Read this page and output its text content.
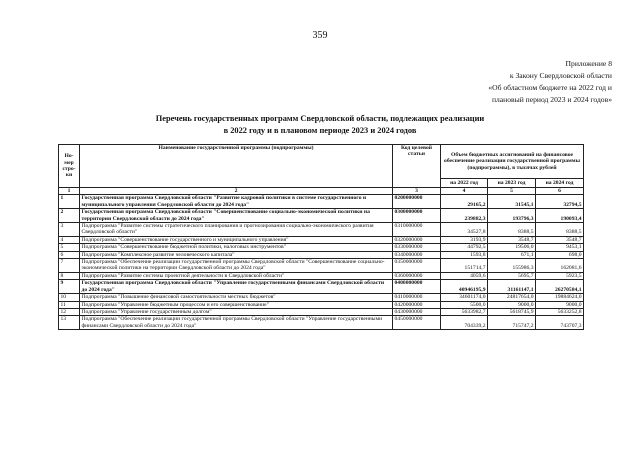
359
Приложение 8
к Закону Свердловской области
«Об областном бюджете на 2022 год и
плановый период 2023 и 2024 годов»
Перечень государственных программ Свердловской области, подлежащих реализации
в 2022 году и в плановом периоде 2023 и 2024 годов
Но-мер стро-ки	Наименование государственной программы (подпрограммы)	Код целевой статьи	Объем бюджетных ассигнований на финансовое обеспечение реализации государственной программы (подпрограммы), в тысячах рублей		
			на 2022 год	на 2023 год	на 2024 год
1	2	3	4	5	6
1	Государственная программа Свердловской области "Развитие кадровой политики в системе государственного и муниципального управления Свердловской области до 2024 года"	0200000000	29165,2	31545,1	32794,5
2	Государственная программа Свердловской области "Совершенствование социально-экономической политики на территории Свердловской области до 2024 года"	0300000000	239882,3	193796,3	190093,4
3	Подпрограмма "Развитие системы стратегического планирования и прогнозирования социально-экономического развития Свердловской области"	0310000000	34527,8	8388,5	8388,5
4	Подпрограмма "Совершенствование государственного и муниципального управления"	0320000000	3193,9	3548,7	3548,7
5	Подпрограмма "Совершенствование бюджетной политики, налоговых инструментов"	0330000000	44792,5	19506,0	9453,1
6	Подпрограмма "Комплексное развитие человеческого капитала"	0340000000	1593,8	671,1	698,0
7	Подпрограмма "Обеспечение реализации государственной программы Свердловской области "Совершенствование социально-экономической политики на территории Свердловской области до 2024 года"	0350000000	151714,7	155986,3	162081,6
8	Подпрограмма "Развитие системы проектной деятельности в Свердловской области"	0360000000	4059,6	5695,7	5923,5
9	Государственная программа Свердловской области "Управление государственными финансами Свердловской области до 2024 года"	0400000000	40946195,9	31161147,1	26270584,1
10	Подпрограмма "Повышение финансовой самостоятельности местных бюджетов"	0410000000	34601174,0	24817654,0	19884624,0
11	Подпрограмма "Управление бюджетным процессом и его совершенствование"	0420000000	5500,0	9000,0	9000,0
12	Подпрограмма "Управление государственным долгом"	0430000000	5633982,7	5618745,9	5633252,8
13	Подпрограмма "Обеспечение реализации государственной программы Свердловской области "Управление государственными финансами Свердловской области до 2024 года"	0450000000	704339,2	715747,2	743707,3
